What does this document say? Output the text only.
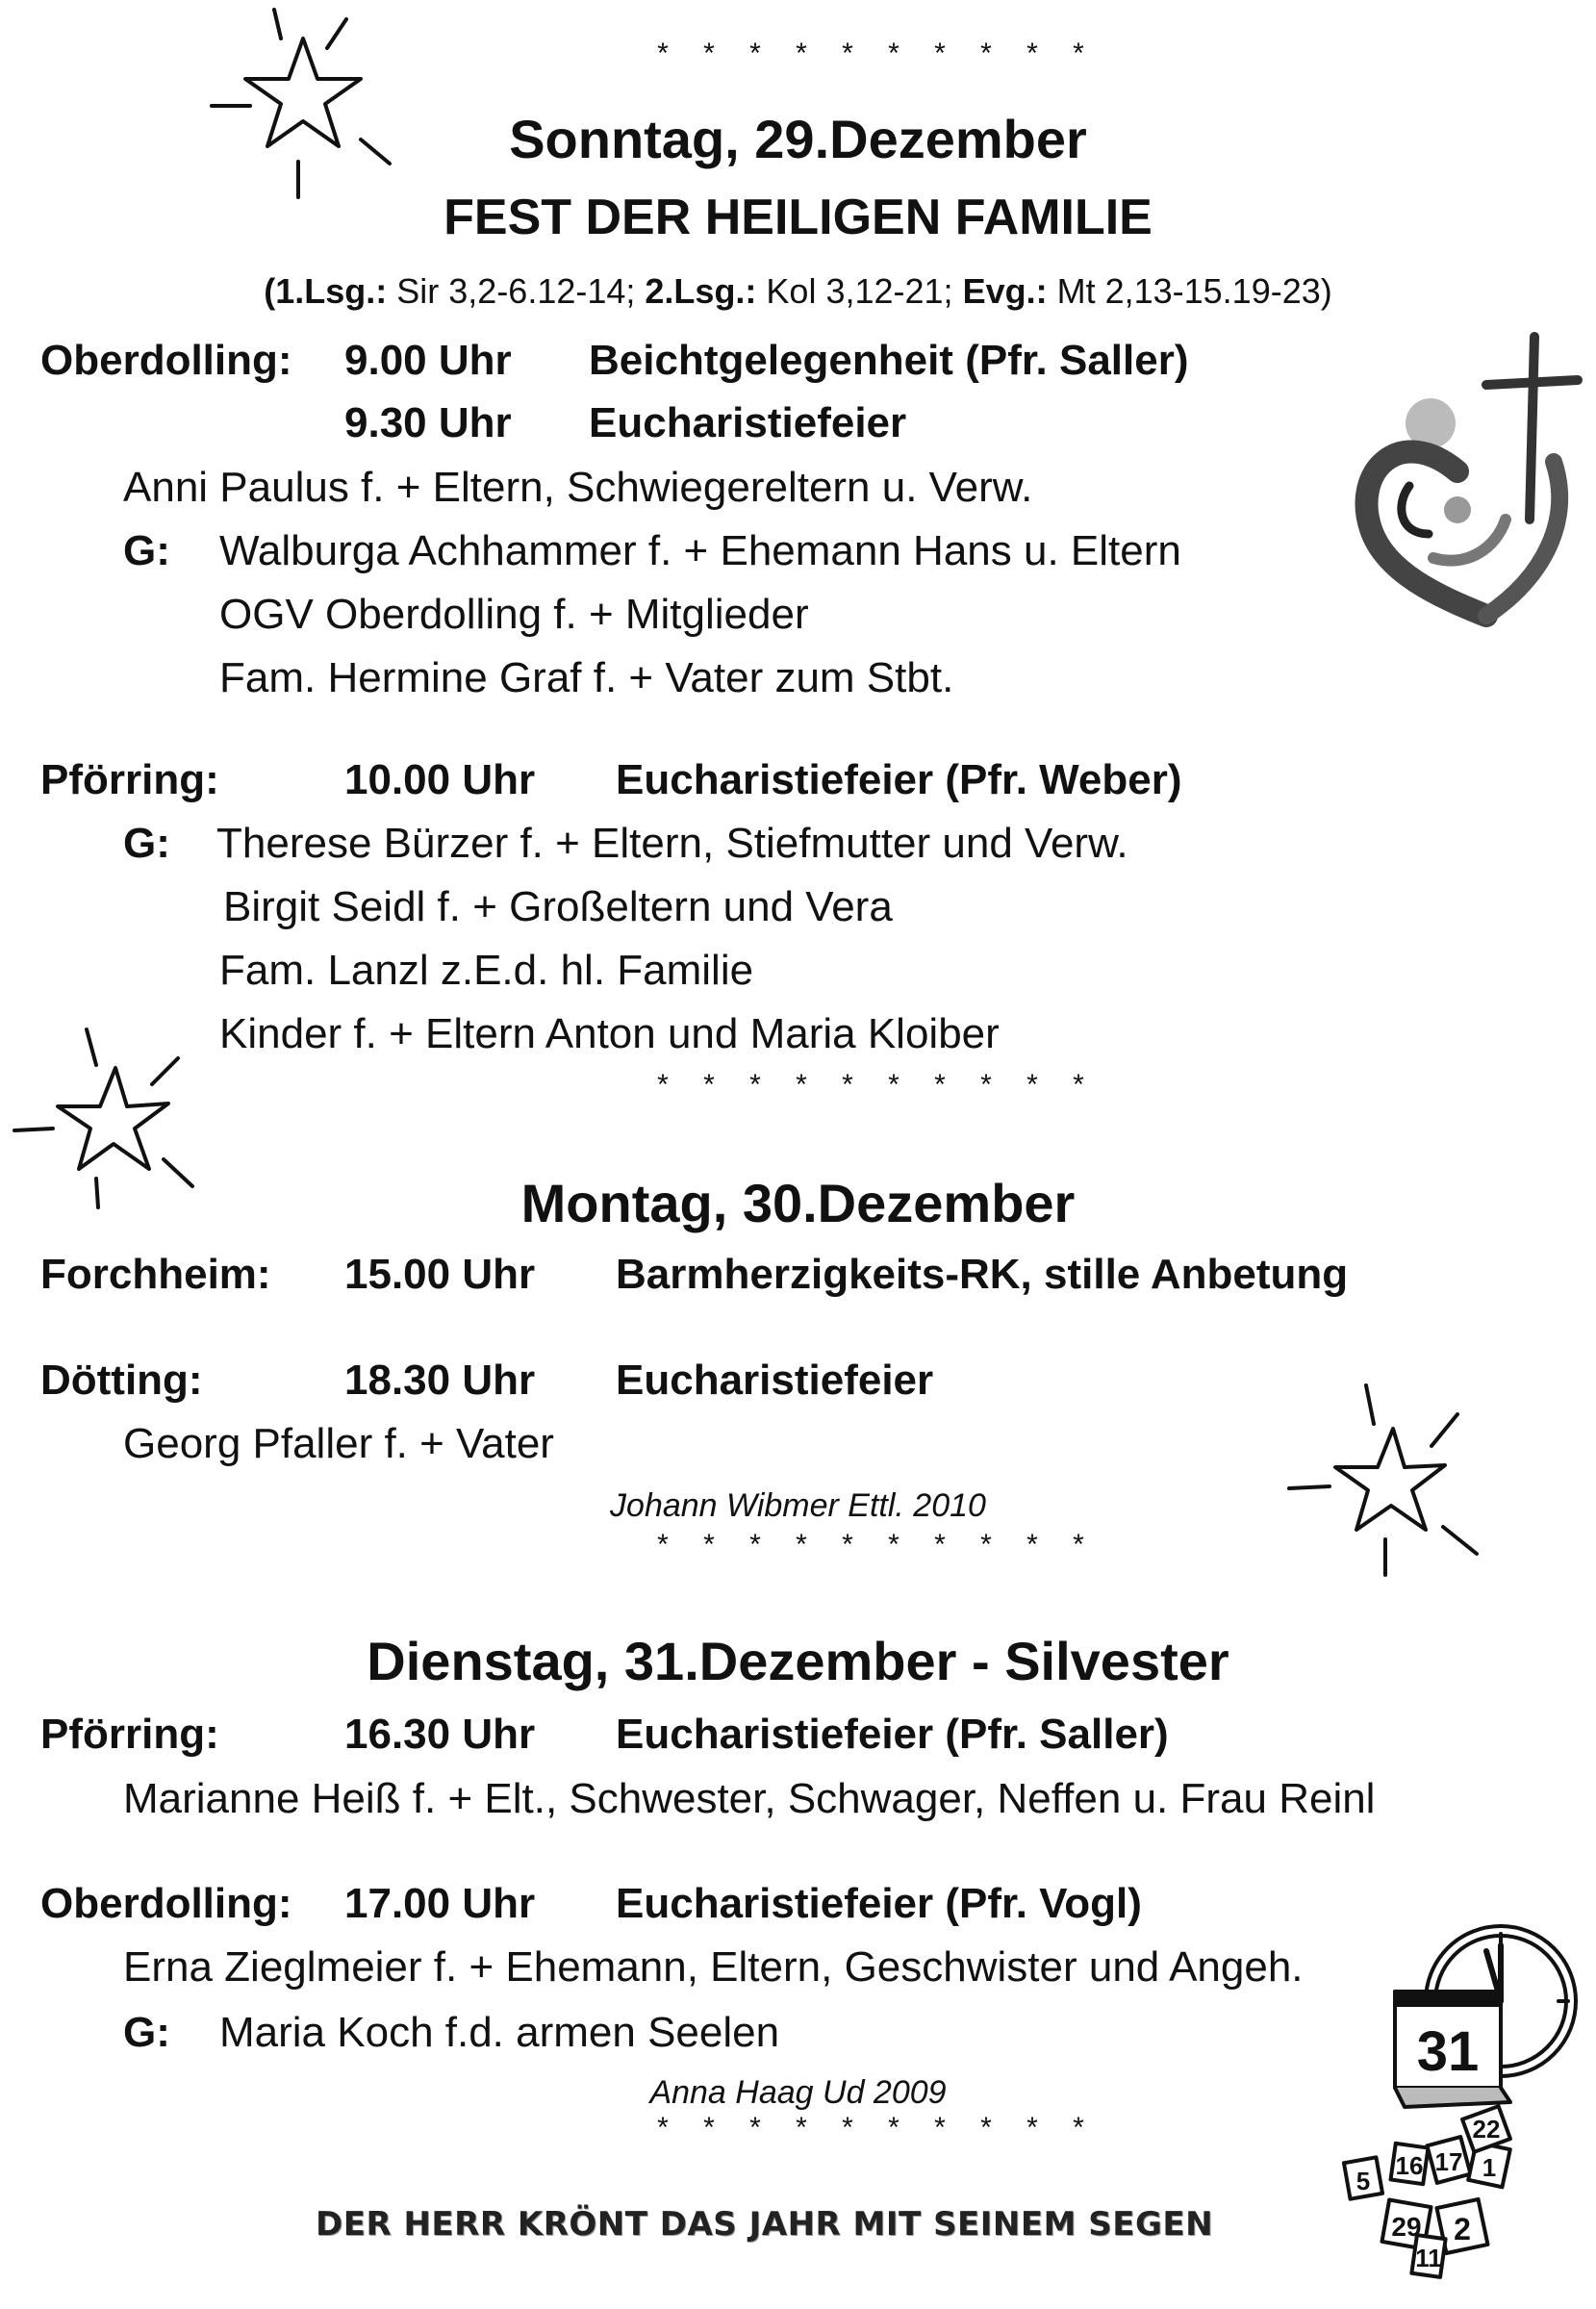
* * * * * * * * * *
Sonntag, 29.Dezember
FEST DER HEILIGEN FAMILIE
(1.Lsg.: Sir 3,2-6.12-14; 2.Lsg.: Kol 3,12-21; Evg.: Mt 2,13-15.19-23)
Oberdolling: 9.00 Uhr Beichtgelegenheit (Pfr. Saller)
9.30 Uhr Eucharistiefeier
Anni Paulus f. + Eltern, Schwiegereltern u. Verw.
G: Walburga Achhammer f. + Ehemann Hans u. Eltern
OGV Oberdolling f. + Mitglieder
Fam. Hermine Graf f. + Vater zum Stbt.
Pförring:	10.00 Uhr Eucharistiefeier (Pfr. Weber)
G: Therese Bürzer f. + Eltern, Stiefmutter und Verw.
Birgit Seidl f. + Großeltern und Vera
Fam. Lanzl z.E.d. hl. Familie
Kinder f. + Eltern Anton und Maria Kloiber
* * * * * * * * * *
Montag, 30.Dezember
Forchheim: 15.00 Uhr Barmherzigkeits-RK, stille Anbetung
Dötting:	18.30 Uhr Eucharistiefeier
Georg Pfaller f. + Vater
Johann Wibmer Ettl. 2010
* * * * * * * * * *
Dienstag, 31.Dezember - Silvester
Pförring:	16.30 Uhr Eucharistiefeier (Pfr. Saller)
Marianne Heiß f. + Elt., Schwester, Schwager, Neffen u. Frau Reinl
Oberdolling: 17.00 Uhr Eucharistiefeier (Pfr. Vogl)
Erna Zieglmeier f. + Ehemann, Eltern, Geschwister und Angeh.
G: Maria Koch f.d. armen Seelen
Anna Haag Ud 2009
* * * * * * * * * *
DER HERR KRÖNT DAS JAHR MIT SEINEM SEGEN
31
22
5
16 17 1
29 2
11
